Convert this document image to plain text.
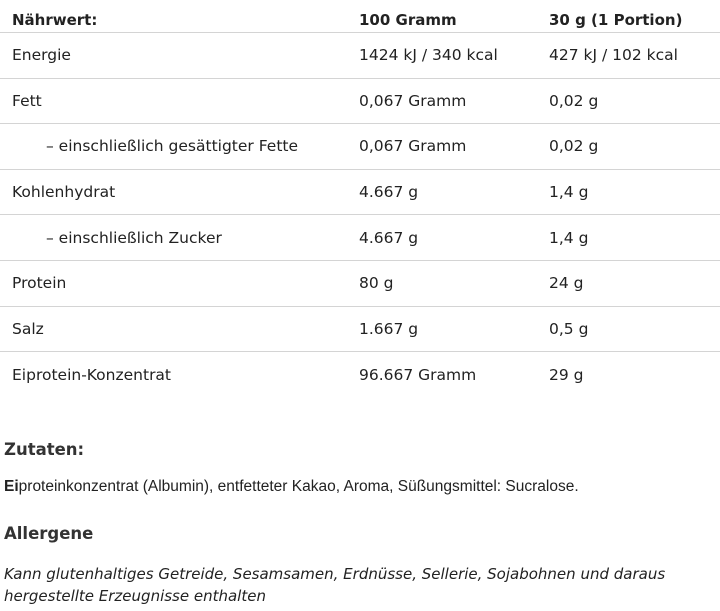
Nährwert:	100 Gramm	30 g (1 Portion)
Energie	1424 kJ / 340 kcal	427 kJ / 102 kcal
Fett	0,067 Gramm	0,02 g
– einschließlich gesättigter Fette	0,067 Gramm	0,02 g
Kohlenhydrat	4.667 g	1,4 g
– einschließlich Zucker	4.667 g	1,4 g
Protein	80 g	24 g
Salz	1.667 g	0,5 g
Eiprotein-Konzentrat	96.667 Gramm	29 g
Zutaten:
Eiproteinkonzentrat (Albumin), entfetteter Kakao, Aroma, Süßungsmittel: Sucralose.
Allergene
Kann glutenhaltiges Getreide, Sesamsamen, Erdnüsse, Sellerie, Sojabohnen und daraus hergestellte Erzeugnisse enthalten
